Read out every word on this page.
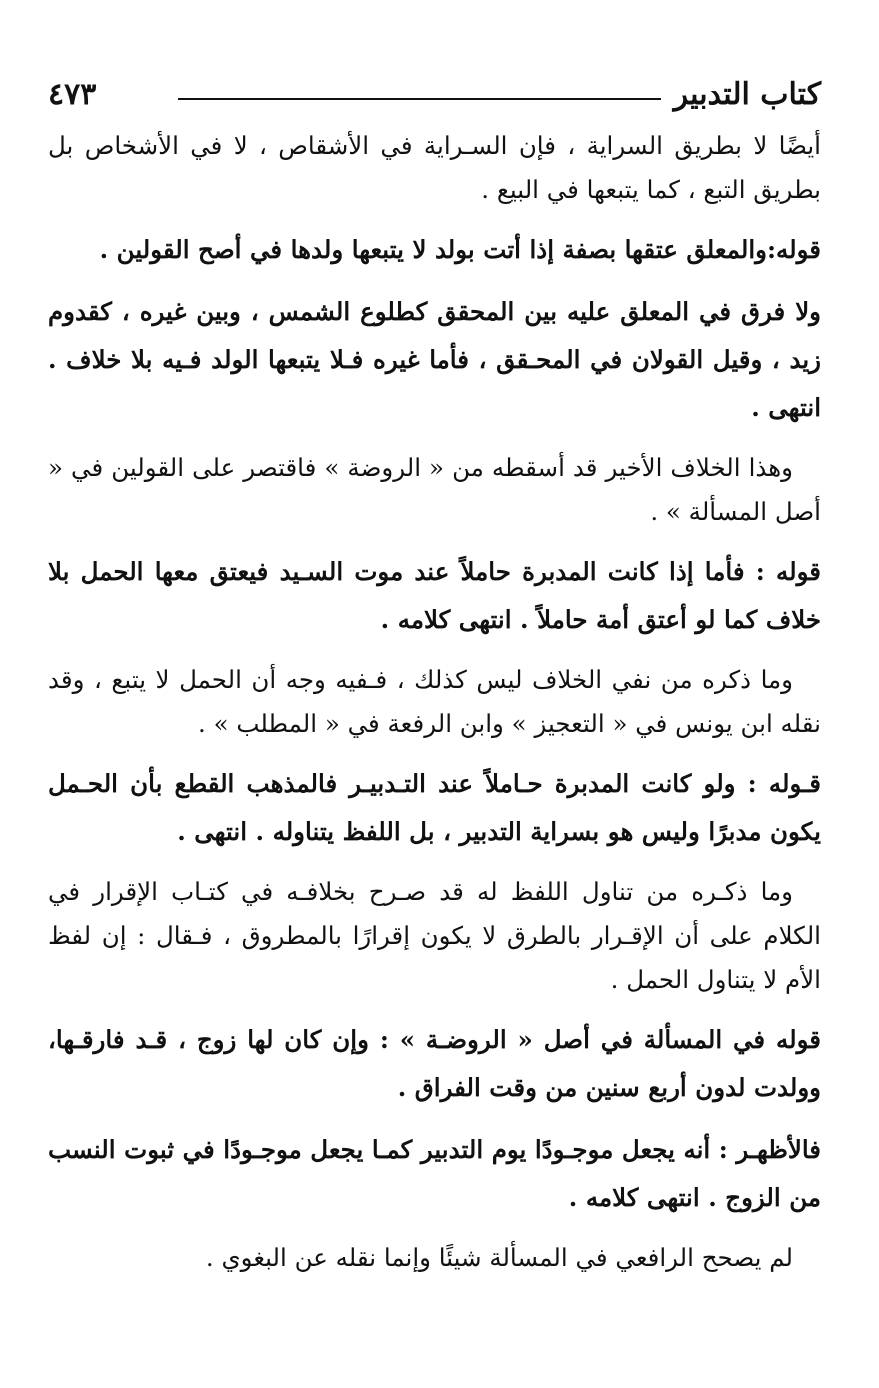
كتاب التدبير
٤٧٣

أيضًا لا بطريق السراية ، فإن السـراية في الأشقاص ، لا في الأشخاص بل بطريق التبع ، كما يتبعها في البيع .

قوله:والمعلق عتقها بصفة إذا أتت بولد لا يتبعها ولدها في أصح القولين .

ولا فرق في المعلق عليه بين المحقق كطلوع الشمس ، وبين غيره ، كقدوم زيد ، وقيل القولان في المحـقق ، فأما غيره فـلا يتبعها الولد فـيه بلا خلاف . انتهى .

وهذا الخلاف الأخير قد أسقطه من « الروضة » فاقتصر على القولين في « أصل المسألة » .

قوله : فأما إذا كانت المدبرة حاملاً عند موت السـيد فيعتق معها الحمل بلا خلاف كما لو أعتق أمة حاملاً . انتهى كلامه .

وما ذكره من نفي الخلاف ليس كذلك ، فـفيه وجه أن الحمل لا يتبع ، وقد نقله ابن يونس في « التعجيز » وابن الرفعة في « المطلب » .

قـوله : ولو كانت المدبرة حـاملاً عند التـدبيـر فالمذهب القطع بأن الحـمل يكون مدبرًا وليس هو بسراية التدبير ، بل اللفظ يتناوله . انتهى .

وما ذكـره من تناول اللفظ له قد صـرح بخلافـه في كتـاب الإقرار في الكلام على أن الإقـرار بالطرق لا يكون إقرارًا بالمطروق ، فـقال : إن لفظ الأم لا يتناول الحمل .

قوله في المسألة في أصل « الروضـة » : وإن كان لها زوج ، قـد فارقـها، وولدت لدون أربع سنين من وقت الفراق .

فالأظهـر : أنه يجعل موجـودًا يوم التدبير كمـا يجعل موجـودًا في ثبوت النسب من الزوج . انتهى كلامه .

لم يصحح الرافعي في المسألة شيئًا وإنما نقله عن البغوي .
